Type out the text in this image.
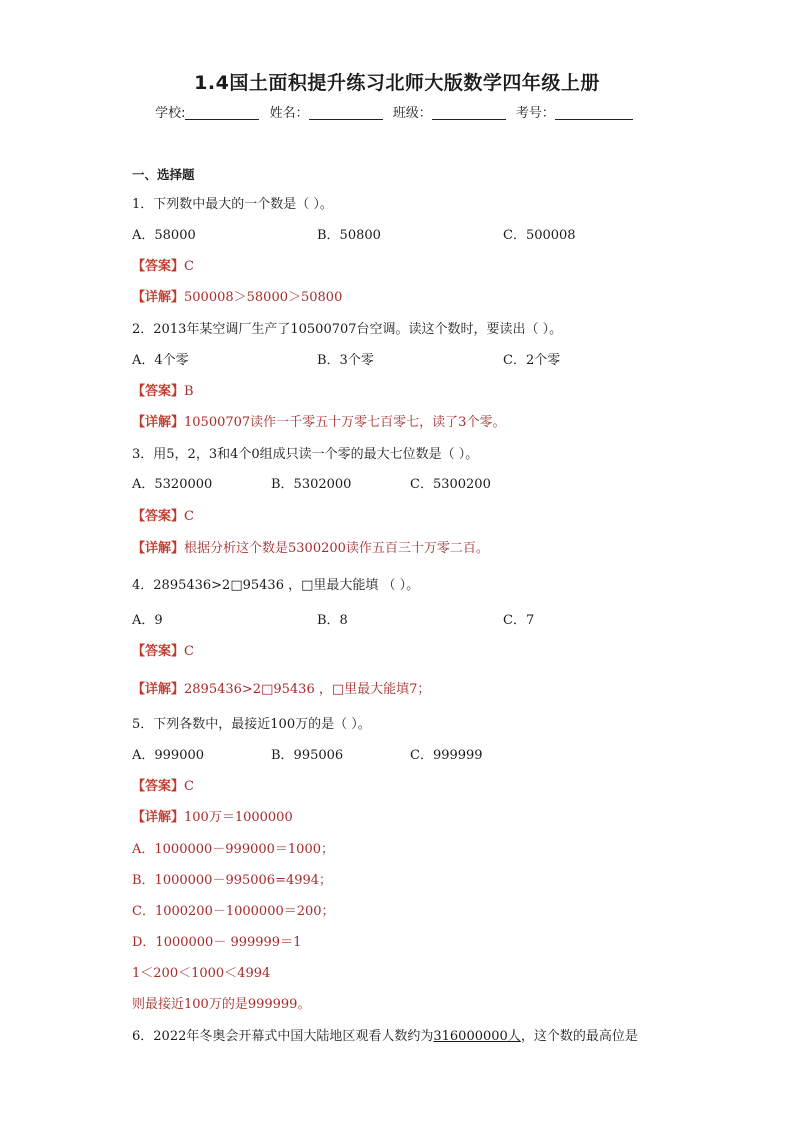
1.4国土面积提升练习北师大版数学四年级上册
学校:	姓名：	班级：	考号：
一、选择题
1．下列数中最大的一个数是（ ）。
A．58000	B．50800	C．500008
【答案】C
【详解】500008＞58000＞50800
2．2013年某空调厂生产了10500707台空调。读这个数时，要读出（ ）。
A．4个零	B．3个零	C．2个零
【答案】B
【详解】10500707读作一千零五十万零七百零七，读了3个零。
3．用5，2，3和4个0组成只读一个零的最大七位数是（ ）。
A．5320000	B．5302000	C．5300200
【答案】C
【详解】根据分析这个数是5300200读作五百三十万零二百。
4．2895436>2□95436 ，□里最大能填 （ ）。
A．9	B．8	C．7
【答案】C
【详解】2895436>2□95436 ，□里最大能填7；
5．下列各数中，最接近100万的是（ ）。
A．999000	B．995006	C．999999
【答案】C
【详解】100万＝1000000
A．1000000－999000＝1000；
B．1000000－995006=4994；
C．1000200－1000000＝200；
D．1000000－ 999999＝1
1＜200＜1000＜4994
则最接近100万的是999999。
6．2022年冬奥会开幕式中国大陆地区观看人数约为316000000人，这个数的最高位是
